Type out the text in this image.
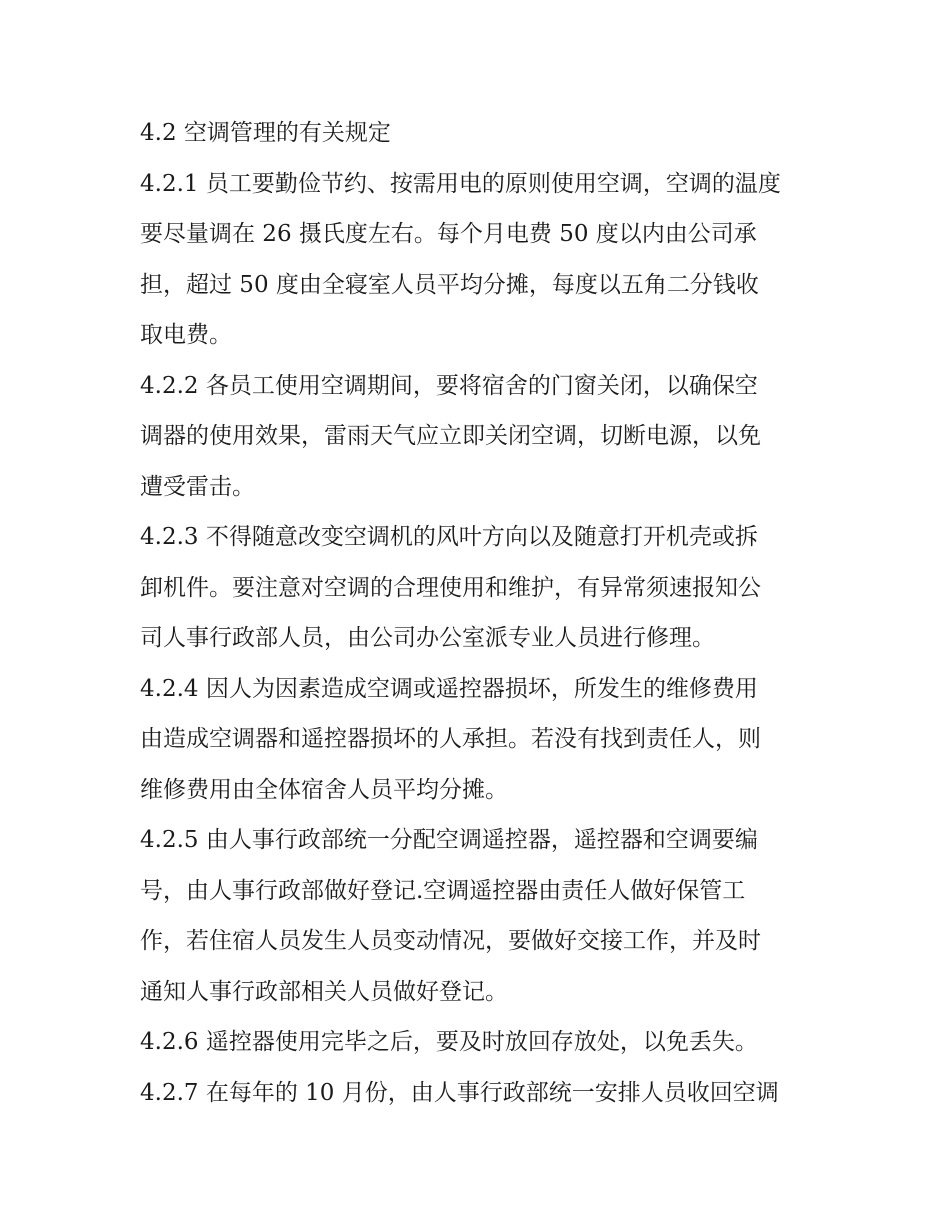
4.2 空调管理的有关规定
4.2.1 员工要勤俭节约、按需用电的原则使用空调，空调的温度
要尽量调在 26 摄氏度左右。每个月电费 50 度以内由公司承
担，超过 50 度由全寝室人员平均分摊，每度以五角二分钱收
取电费。
4.2.2 各员工使用空调期间，要将宿舍的门窗关闭，以确保空
调器的使用效果，雷雨天气应立即关闭空调，切断电源，以免
遭受雷击。
4.2.3 不得随意改变空调机的风叶方向以及随意打开机壳或拆
卸机件。要注意对空调的合理使用和维护，有异常须速报知公
司人事行政部人员，由公司办公室派专业人员进行修理。
4.2.4 因人为因素造成空调或遥控器损坏，所发生的维修费用
由造成空调器和遥控器损坏的人承担。若没有找到责任人，则
维修费用由全体宿舍人员平均分摊。
4.2.5 由人事行政部统一分配空调遥控器，遥控器和空调要编
号，由人事行政部做好登记.空调遥控器由责任人做好保管工
作，若住宿人员发生人员变动情况，要做好交接工作，并及时
通知人事行政部相关人员做好登记。
4.2.6 遥控器使用完毕之后，要及时放回存放处，以免丢失。
4.2.7 在每年的 10 月份，由人事行政部统一安排人员收回空调
